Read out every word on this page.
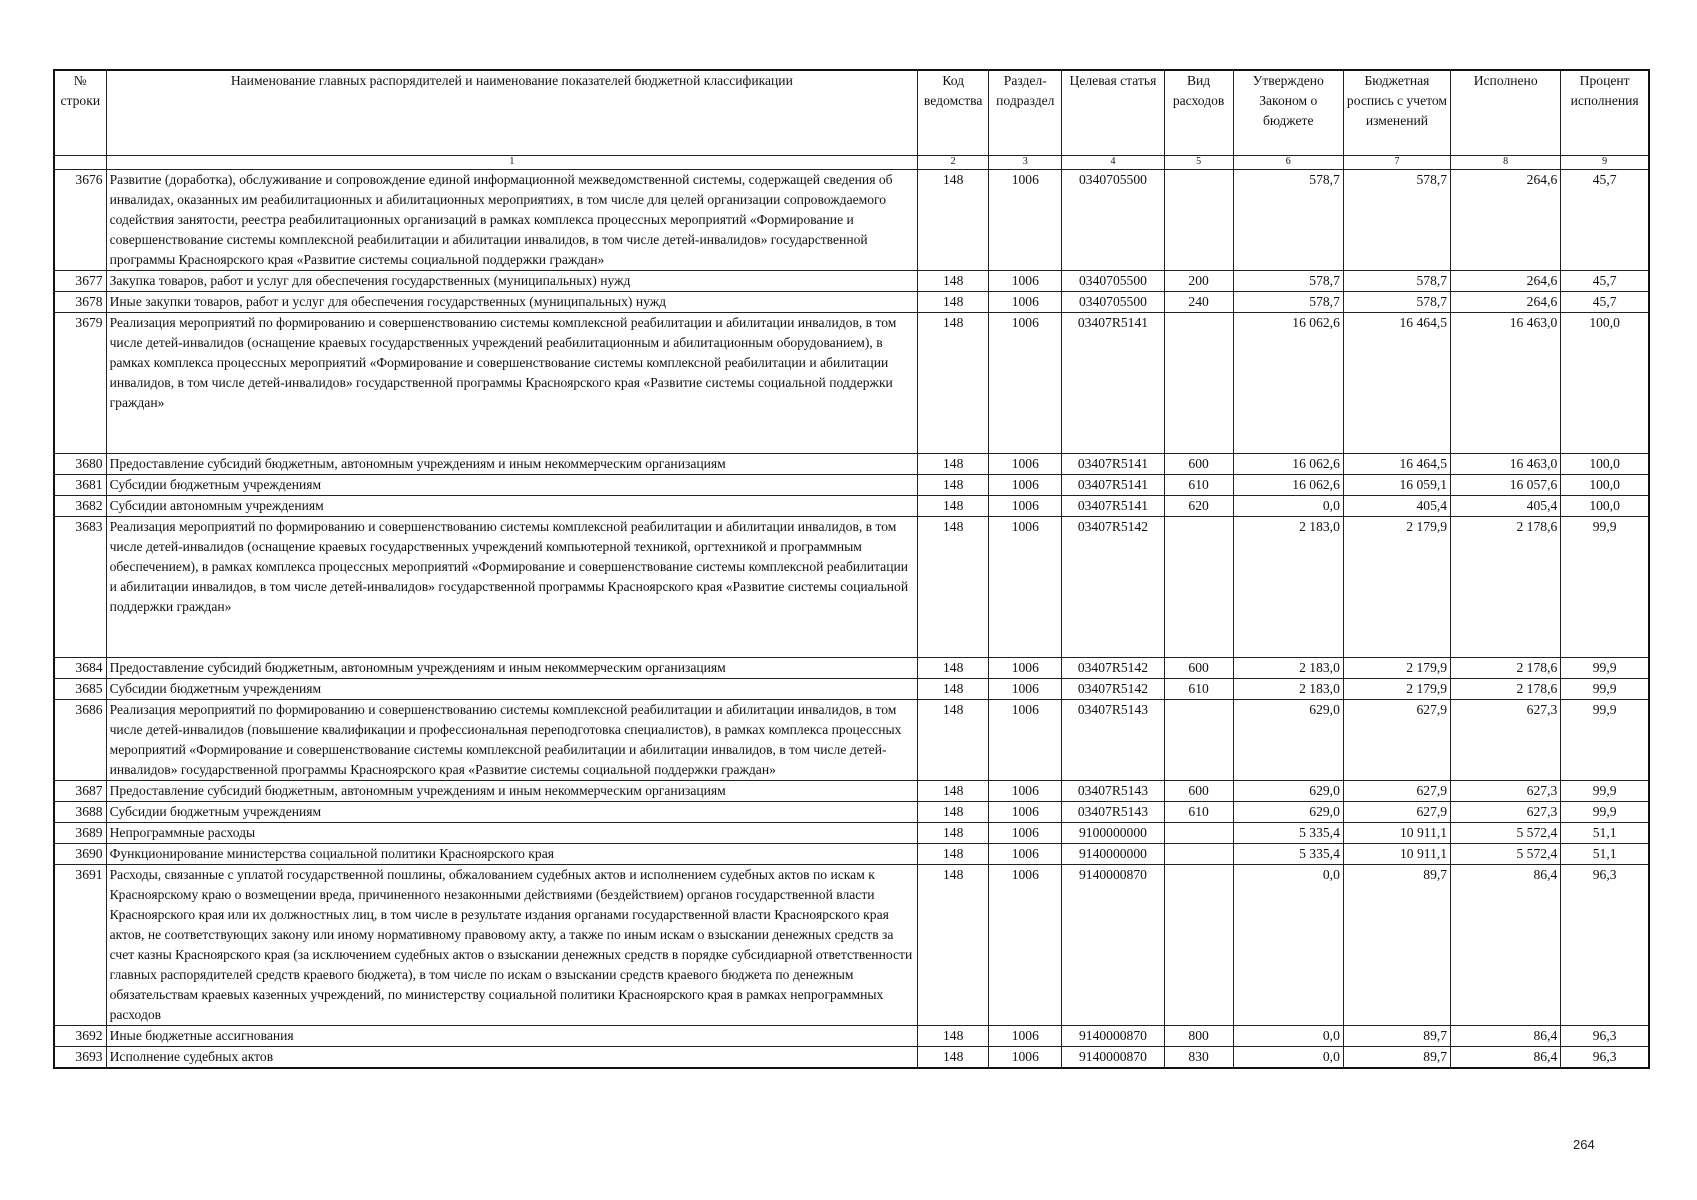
№ строки	Наименование главных распорядителей и наименование показателей бюджетной классификации	Код ведомства	Раздел-подраздел	Целевая статья	Вид расходов	Утверждено Законом о бюджете	Бюджетная роспись с учетом изменений	Исполнено	Процент исполнения
	1	2	3	4	5	6	7	8	9
3676	Развитие (доработка), обслуживание и сопровождение единой информационной межведомственной системы, содержащей сведения об инвалидах, оказанных им реабилитационных и абилитационных мероприятиях, в том числе для целей организации сопровождаемого содействия занятости, реестра реабилитационных организаций в рамках комплекса процессных мероприятий «Формирование и совершенствование системы комплексной реабилитации и абилитации инвалидов, в том числе детей-инвалидов» государственной программы Красноярского края «Развитие системы социальной поддержки граждан»	148	1006	0340705500		578,7	578,7	264,6	45,7
3677	Закупка товаров, работ и услуг для обеспечения государственных (муниципальных) нужд	148	1006	0340705500	200	578,7	578,7	264,6	45,7
3678	Иные закупки товаров, работ и услуг для обеспечения государственных (муниципальных) нужд	148	1006	0340705500	240	578,7	578,7	264,6	45,7
3679	Реализация мероприятий по формированию и совершенствованию системы комплексной реабилитации и абилитации инвалидов, в том числе детей-инвалидов (оснащение краевых государственных учреждений реабилитационным и абилитационным оборудованием), в рамках комплекса процессных мероприятий «Формирование и совершенствование системы комплексной реабилитации и абилитации инвалидов, в том числе детей-инвалидов» государственной программы Красноярского края «Развитие системы социальной поддержки граждан»	148	1006	03407R5141		16 062,6	16 464,5	16 463,0	100,0
3680	Предоставление субсидий бюджетным, автономным учреждениям и иным некоммерческим организациям	148	1006	03407R5141	600	16 062,6	16 464,5	16 463,0	100,0
3681	Субсидии бюджетным учреждениям	148	1006	03407R5141	610	16 062,6	16 059,1	16 057,6	100,0
3682	Субсидии автономным учреждениям	148	1006	03407R5141	620	0,0	405,4	405,4	100,0
3683	Реализация мероприятий по формированию и совершенствованию системы комплексной реабилитации и абилитации инвалидов, в том числе детей-инвалидов (оснащение краевых государственных учреждений компьютерной техникой, оргтехникой и программным обеспечением), в рамках комплекса процессных мероприятий «Формирование и совершенствование системы комплексной реабилитации и абилитации инвалидов, в том числе детей-инвалидов» государственной программы Красноярского края «Развитие системы социальной поддержки граждан»	148	1006	03407R5142		2 183,0	2 179,9	2 178,6	99,9
3684	Предоставление субсидий бюджетным, автономным учреждениям и иным некоммерческим организациям	148	1006	03407R5142	600	2 183,0	2 179,9	2 178,6	99,9
3685	Субсидии бюджетным учреждениям	148	1006	03407R5142	610	2 183,0	2 179,9	2 178,6	99,9
3686	Реализация мероприятий по формированию и совершенствованию системы комплексной реабилитации и абилитации инвалидов, в том числе детей-инвалидов (повышение квалификации и профессиональная переподготовка специалистов), в рамках комплекса процессных мероприятий «Формирование и совершенствование системы комплексной реабилитации и абилитации инвалидов, в том числе детей-инвалидов» государственной программы Красноярского края «Развитие системы социальной поддержки граждан»	148	1006	03407R5143		629,0	627,9	627,3	99,9
3687	Предоставление субсидий бюджетным, автономным учреждениям и иным некоммерческим организациям	148	1006	03407R5143	600	629,0	627,9	627,3	99,9
3688	Субсидии бюджетным учреждениям	148	1006	03407R5143	610	629,0	627,9	627,3	99,9
3689	Непрограммные расходы	148	1006	9100000000		5 335,4	10 911,1	5 572,4	51,1
3690	Функционирование министерства социальной политики Красноярского края	148	1006	9140000000		5 335,4	10 911,1	5 572,4	51,1
3691	Расходы, связанные с уплатой государственной пошлины, обжалованием судебных актов и исполнением судебных актов по искам к Красноярскому краю о возмещении вреда, причиненного незаконными действиями (бездействием) органов государственной власти Красноярского края или их должностных лиц, в том числе в результате издания органами государственной власти Красноярского края актов, не соответствующих закону или иному нормативному правовому акту, а также по иным искам о взыскании денежных средств за счет казны Красноярского края (за исключением судебных актов о взыскании денежных средств в порядке субсидиарной ответственности главных распорядителей средств краевого бюджета), в том числе по искам о взыскании средств краевого бюджета по денежным обязательствам краевых казенных учреждений, по министерству социальной политики Красноярского края в рамках непрограммных расходов	148	1006	9140000870		0,0	89,7	86,4	96,3
3692	Иные бюджетные ассигнования	148	1006	9140000870	800	0,0	89,7	86,4	96,3
3693	Исполнение судебных актов	148	1006	9140000870	830	0,0	89,7	86,4	96,3
264
